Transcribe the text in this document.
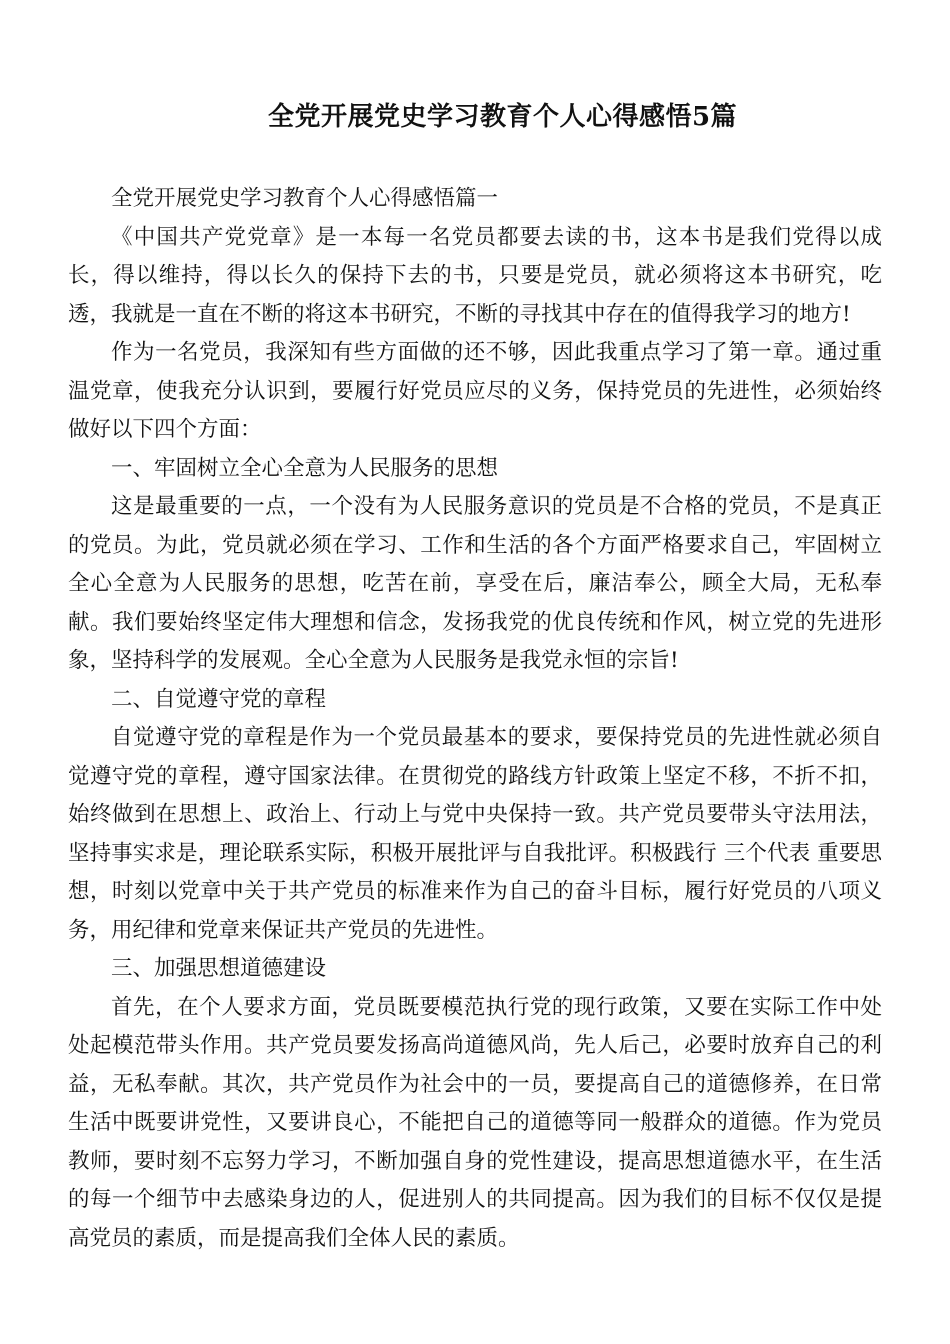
全党开展党史学习教育个人心得感悟5篇

全党开展党史学习教育个人心得感悟篇一

《中国共产党党章》是一本每一名党员都要去读的书，这本书是我们党得以成长，得以维持，得以长久的保持下去的书，只要是党员，就必须将这本书研究，吃透，我就是一直在不断的将这本书研究，不断的寻找其中存在的值得我学习的地方!

作为一名党员，我深知有些方面做的还不够，因此我重点学习了第一章。通过重温党章，使我充分认识到，要履行好党员应尽的义务，保持党员的先进性，必须始终做好以下四个方面：

一、牢固树立全心全意为人民服务的思想

这是最重要的一点，一个没有为人民服务意识的党员是不合格的党员，不是真正的党员。为此，党员就必须在学习、工作和生活的各个方面严格要求自己，牢固树立全心全意为人民服务的思想，吃苦在前，享受在后，廉洁奉公，顾全大局，无私奉献。我们要始终坚定伟大理想和信念，发扬我党的优良传统和作风，树立党的先进形象，坚持科学的发展观。全心全意为人民服务是我党永恒的宗旨!

二、自觉遵守党的章程

自觉遵守党的章程是作为一个党员最基本的要求，要保持党员的先进性就必须自觉遵守党的章程，遵守国家法律。在贯彻党的路线方针政策上坚定不移，不折不扣，始终做到在思想上、政治上、行动上与党中央保持一致。共产党员要带头守法用法，坚持事实求是，理论联系实际，积极开展批评与自我批评。积极践行 三个代表 重要思想，时刻以党章中关于共产党员的标准来作为自己的奋斗目标，履行好党员的八项义务，用纪律和党章来保证共产党员的先进性。

三、加强思想道德建设

首先，在个人要求方面，党员既要模范执行党的现行政策，又要在实际工作中处处起模范带头作用。共产党员要发扬高尚道德风尚，先人后己，必要时放弃自己的利益，无私奉献。其次，共产党员作为社会中的一员，要提高自己的道德修养，在日常生活中既要讲党性，又要讲良心，不能把自己的道德等同一般群众的道德。作为党员教师，要时刻不忘努力学习，不断加强自身的党性建设，提高思想道德水平，在生活的每一个细节中去感染身边的人，促进别人的共同提高。因为我们的目标不仅仅是提高党员的素质，而是提高我们全体人民的素质。
